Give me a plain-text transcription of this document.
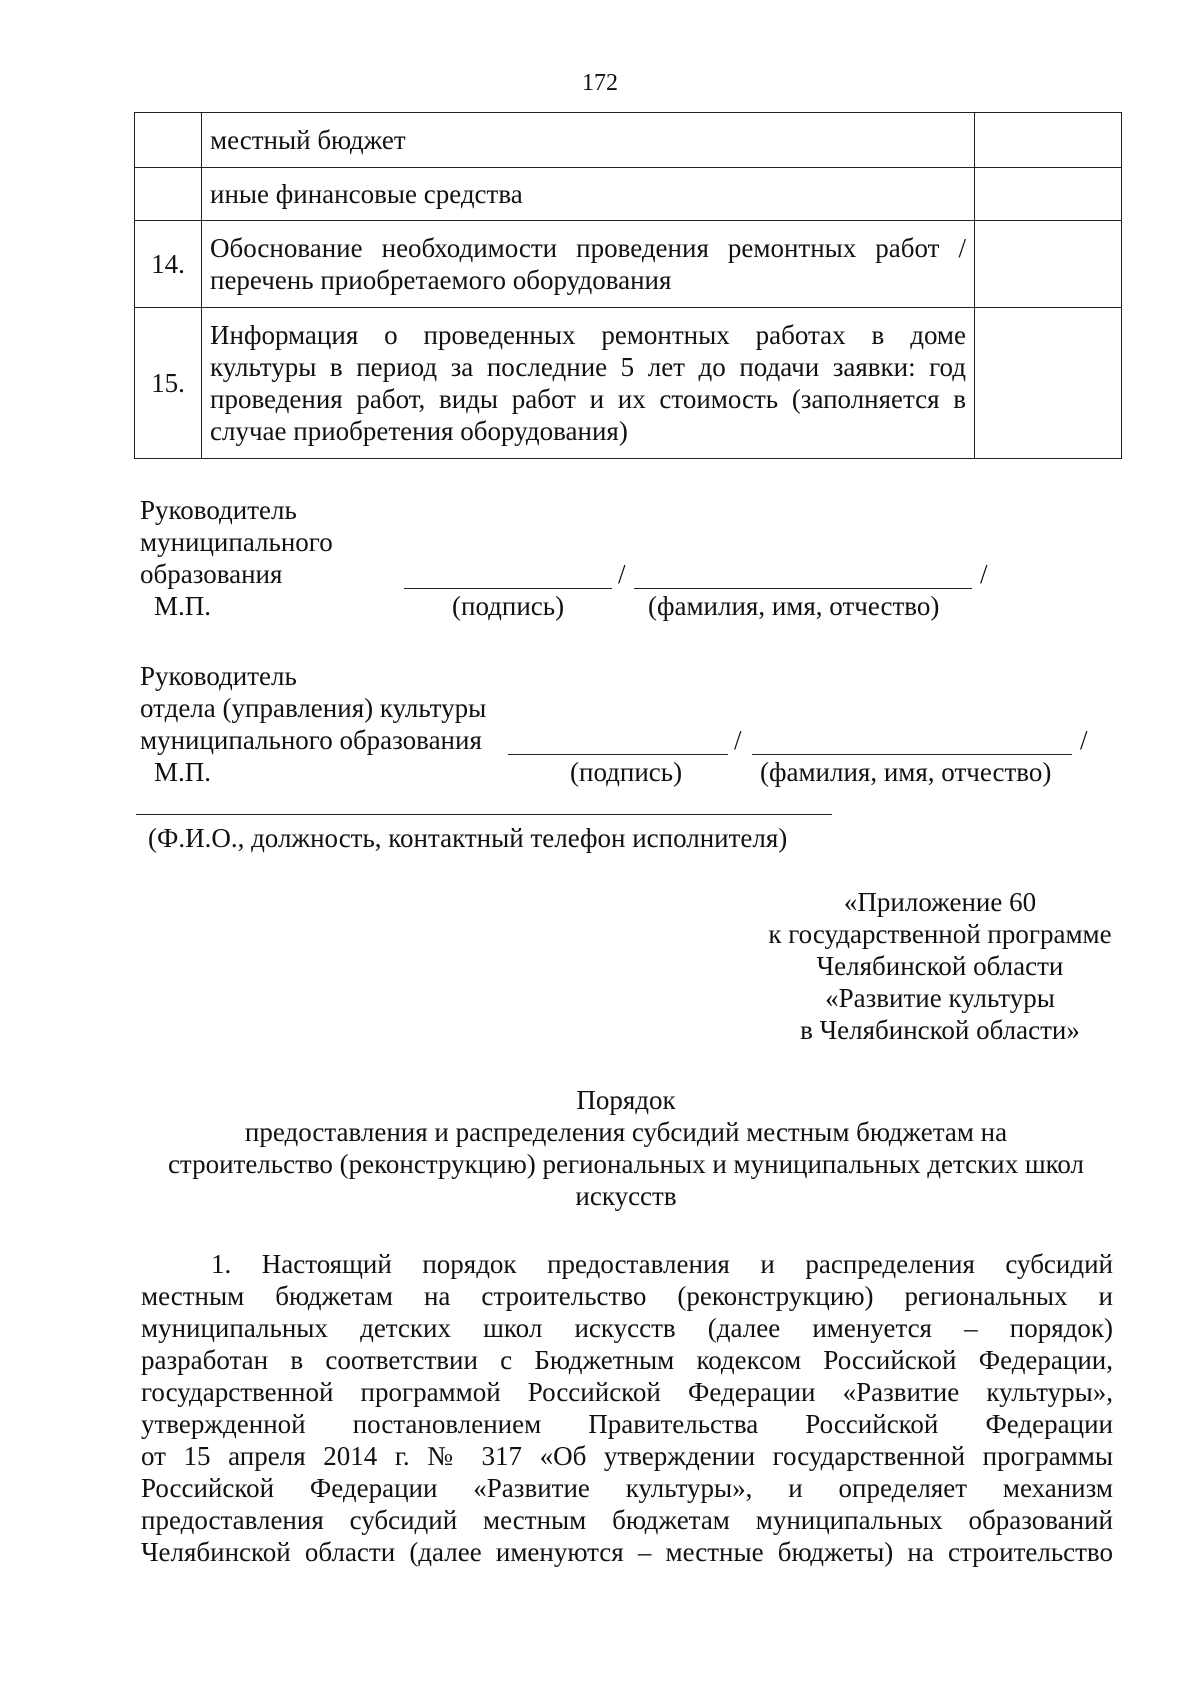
172
	местный бюджет	
	иные финансовые средства	
14.	Обоснование необходимости проведения ремонтных работ /
перечень приобретаемого оборудования	

15.	Информация о проведенных ремонтных работах в доме
культуры в период за последние 5 лет до подачи заявки: год
проведения работ, виды работ и их стоимость (заполняется в
случае приобретения оборудования)	

Руководитель
муниципального
образования	/	/
М.П.	(подпись)	(фамилия, имя, отчество)
Руководитель
отдела (управления) культуры
муниципального образования	/	/
М.П.	(подпись)	(фамилия, имя, отчество)
(Ф.И.О., должность, контактный телефон исполнителя)
«Приложение 60
к государственной программе
Челябинской области
«Развитие культуры
в Челябинской области»
Порядок
предоставления и распределения субсидий местным бюджетам на
строительство (реконструкцию) региональных и муниципальных детских школ
искусств
1. Настоящий порядок предоставления и распределения субсидий
местным бюджетам на строительство (реконструкцию) региональных и
муниципальных детских школ искусств (далее именуется – порядок)
разработан в соответствии с Бюджетным кодексом Российской Федерации,
государственной программой Российской Федерации «Развитие культуры»,
утвержденной постановлением Правительства Российской Федерации
от 15 апреля 2014 г. № 317 «Об утверждении государственной программы
Российской Федерации «Развитие культуры», и определяет механизм
предоставления субсидий местным бюджетам муниципальных образований
Челябинской области (далее именуются – местные бюджеты) на строительство
